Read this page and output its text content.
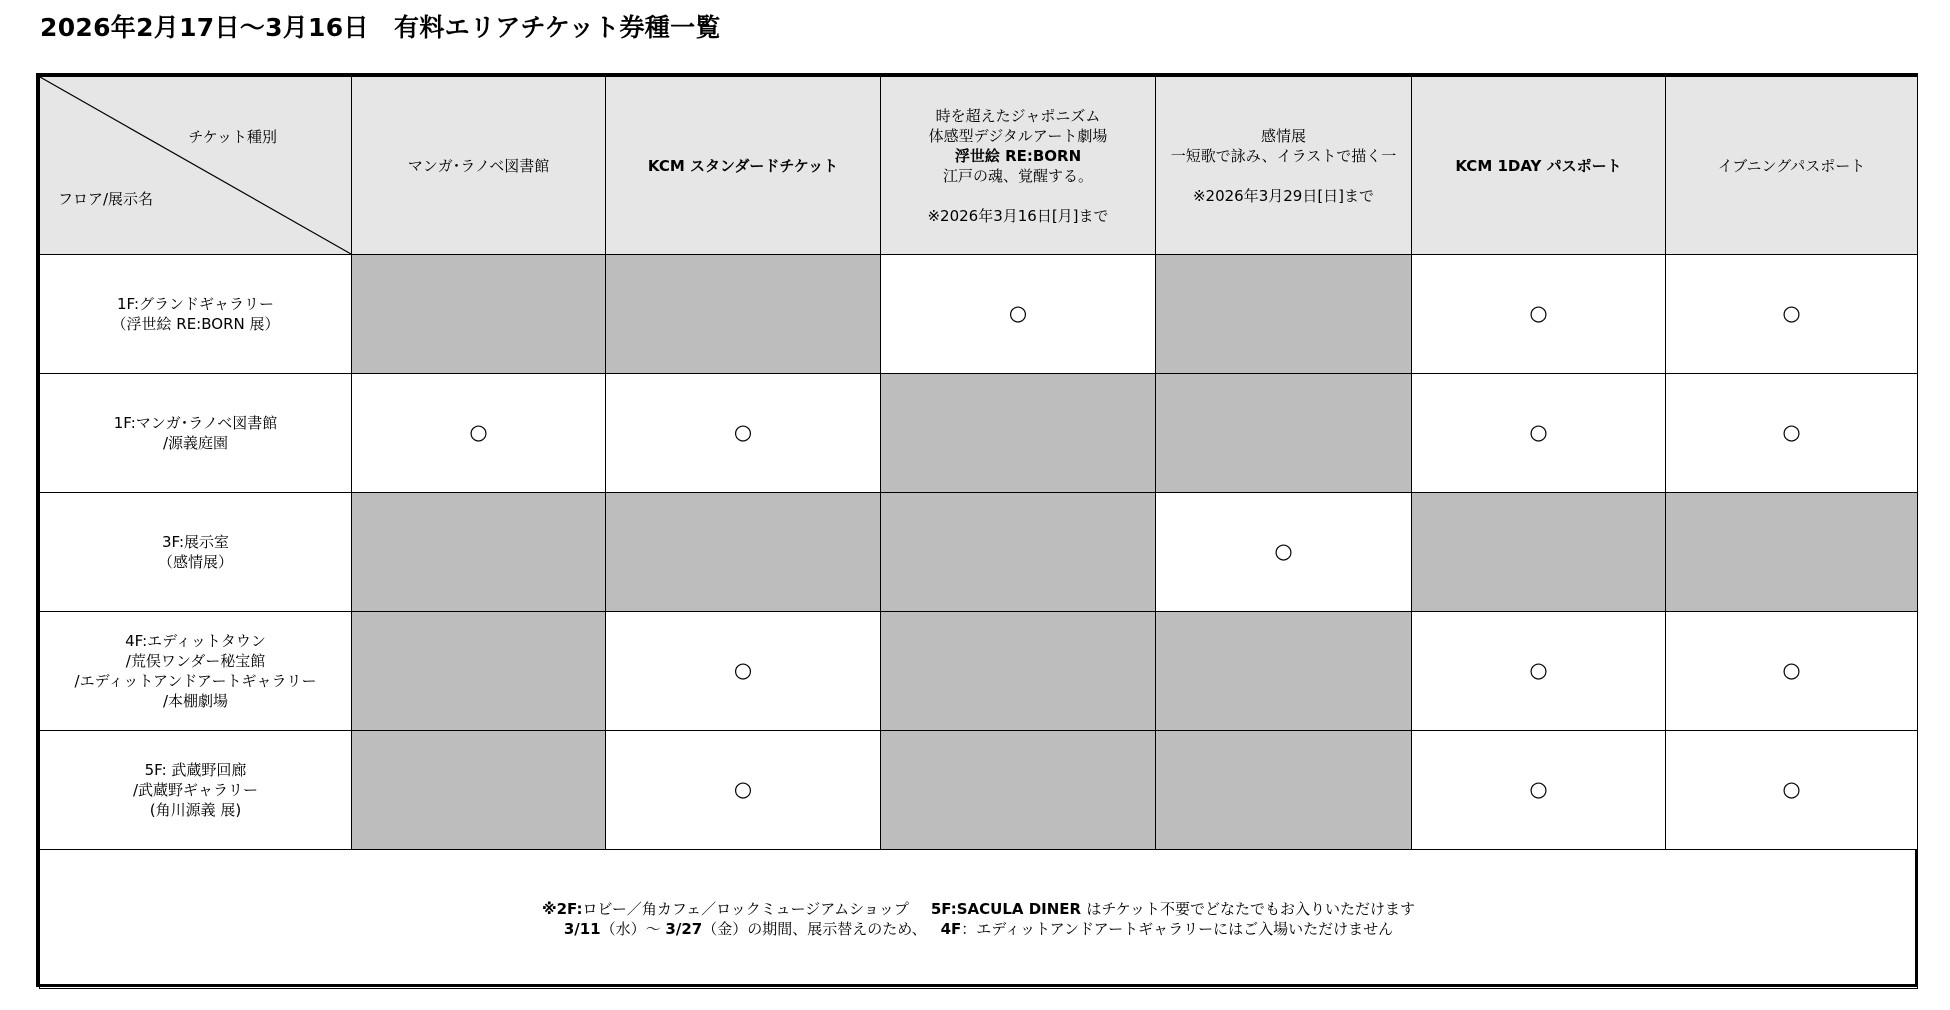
2026年2月17日～3月16日　有料エリアチケット券種一覧
チケット種別
フロア/展示名	マンガ･ラノベ図書館	KCM スタンダードチケット	時を超えたジャポニズム
体感型デジタルアート劇場
浮世絵 RE:BORN
江戸の魂、覚醒する。

※2026年3月16日[月]まで	感情展
一短歌で詠み、イラストで描く一

※2026年3月29日[日]まで	KCM 1DAY パスポート	イブニングパスポート
1F:グランドギャラリー
（浮世絵 RE:BORN 展）			○		○	○
1F:マンガ･ラノベ図書館
/源義庭園	○	○			○	○
3F:展示室
（感情展）				○		
4F:エディットタウン
/荒俣ワンダー秘宝館
/エディットアンドアートギャラリー
/本棚劇場		○			○	○
5F: 武蔵野回廊
/武蔵野ギャラリー
(角川源義 展)		○			○	○

※2F:ロビー／角カフェ／ロックミュージアムショップ 5F:SACULA DINER はチケット不要でどなたでもお入りいただけます
3/11（水）～ 3/27（金）の期間、展示替えのため、 4F：エディットアンドアートギャラリーにはご入場いただけません						
